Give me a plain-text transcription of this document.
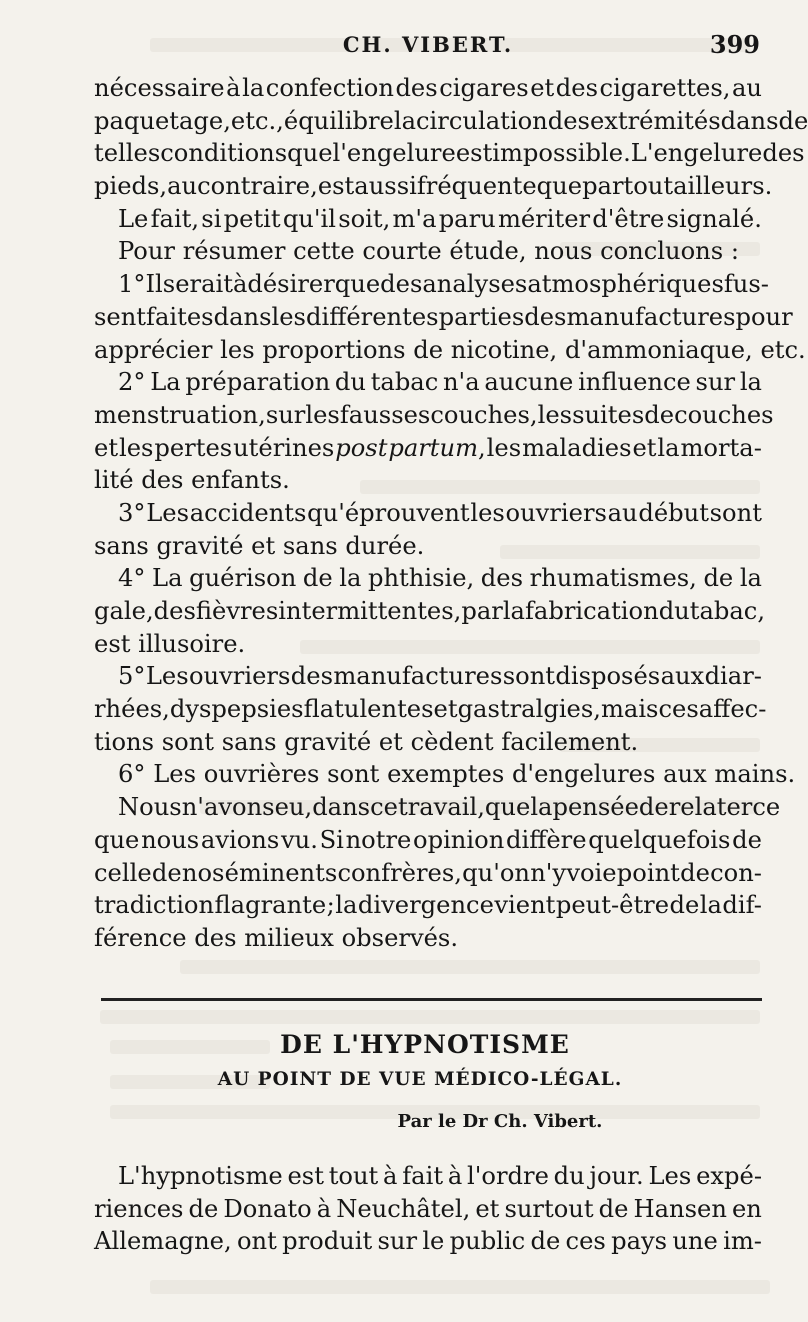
CH. VIBERT.	399
nécessaire à la confection des cigares et des cigarettes, au
paquetage, etc., équilibre la circulation des extrémités dans de
telles conditions que l'engelure est impossible. L'engelure des
pieds, au contraire, est aussi fréquente que partout ailleurs.
Le fait, si petit qu'il soit, m'a paru mériter d'être signalé.
Pour
résumer
cette
courte
étude,
nous
concluons
:
1° Il serait à désirer que des analyses atmosphériques fus-
sent faites dans les différentes parties des manufactures pour
apprécier
les
proportions
de
nicotine,
d'ammoniaque,
etc.
2° La préparation du tabac n'a aucune influence sur la
menstruation, sur les fausses couches, les suites de couches
et les pertes utérines post partum, les maladies et la morta-
lité
des
enfants.
3° Les accidents qu'éprouvent les ouvriers au début sont
sans
gravité
et
sans
durée.
4° La guérison de la phthisie, des rhumatismes, de la
gale, des fièvres intermittentes, par la fabrication du tabac,
est
illusoire.
5° Les ouvriers des manufactures sont disposés aux diar-
rhées, dyspepsies flatulentes et gastralgies, mais ces affec-
tions
sont
sans
gravité
et
cèdent
facilement.
6°
Les
ouvrières
sont
exemptes
d'engelures
aux
mains.
Nous n'avons eu, dans ce travail, que la pensée de relater ce
que nous avions vu. Si notre opinion diffère quelquefois de
celle de nos éminents confrères, qu'on n'y voie point de con-
tradiction flagrante ; la divergence vient peut-être de la dif-
férence
des
milieux
observés.
DE L'HYPNOTISME
AU POINT DE VUE MÉDICO-LÉGAL.
Par le Dr Ch. Vibert.
L'hypnotisme est tout à fait à l'ordre du jour. Les expé-
riences de Donato à Neuchâtel, et surtout de Hansen en
Allemagne, ont produit sur le public de ces pays une im-
